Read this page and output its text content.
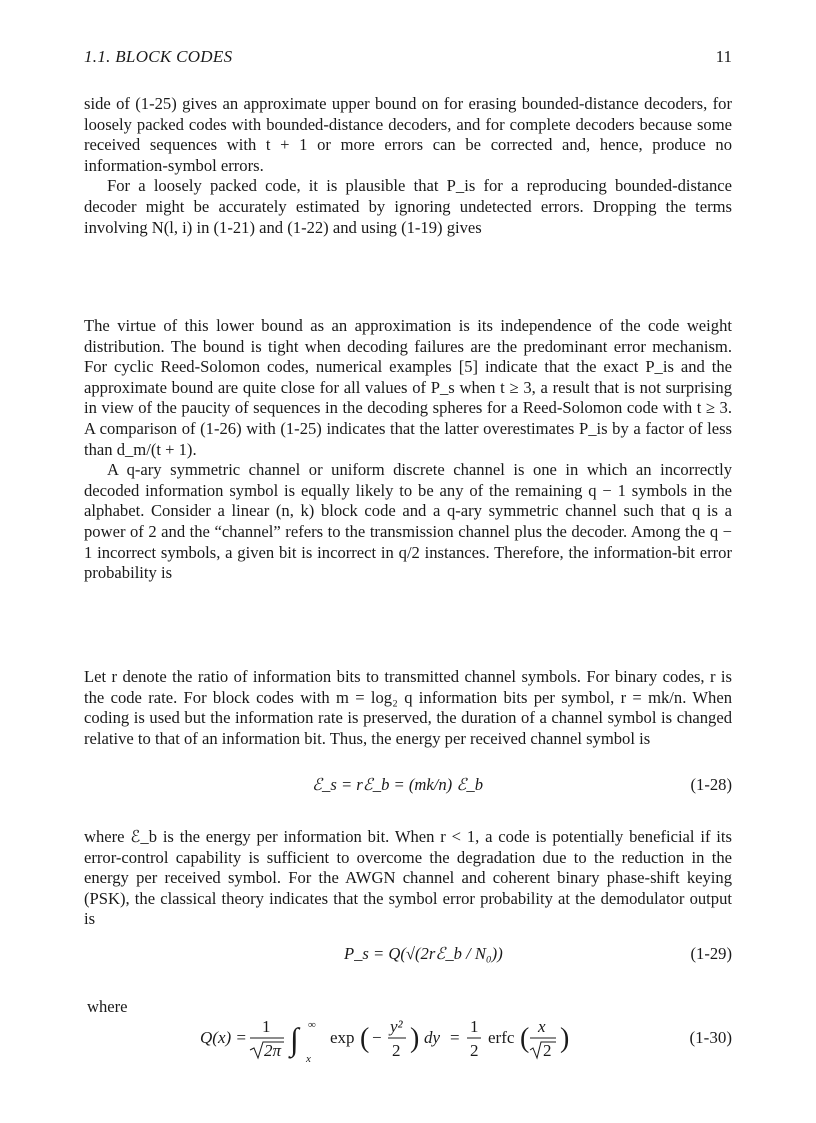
1.1. BLOCK CODES	11

side of (1-25) gives an approximate upper bound on for erasing bounded-distance decoders, for loosely packed codes with bounded-distance decoders, and for complete decoders because some received sequences with t + 1 or more errors can be corrected and, hence, produce no information-symbol errors.

For a loosely packed code, it is plausible that P_is for a reproducing bounded-distance decoder might be accurately estimated by ignoring undetected errors. Dropping the terms involving N(l, i) in (1-21) and (1-22) and using (1-19) gives

The virtue of this lower bound as an approximation is its independence of the code weight distribution. The bound is tight when decoding failures are the predominant error mechanism. For cyclic Reed-Solomon codes, numerical examples [5] indicate that the exact P_is and the approximate bound are quite close for all values of P_s when t ≥ 3, a result that is not surprising in view of the paucity of sequences in the decoding spheres for a Reed-Solomon code with t ≥ 3. A comparison of (1-26) with (1-25) indicates that the latter overestimates P_is by a factor of less than d_m/(t + 1).

A q-ary symmetric channel or uniform discrete channel is one in which an incorrectly decoded information symbol is equally likely to be any of the remaining q − 1 symbols in the alphabet. Consider a linear (n, k) block code and a q-ary symmetric channel such that q is a power of 2 and the “channel” refers to the transmission channel plus the decoder. Among the q − 1 incorrect symbols, a given bit is incorrect in q/2 instances. Therefore, the information-bit error probability is

Let r denote the ratio of information bits to transmitted channel symbols. For binary codes, r is the code rate. For block codes with m = log₂ q information bits per symbol, r = mk/n. When coding is used but the information rate is preserved, the duration of a channel symbol is changed relative to that of an information bit. Thus, the energy per received channel symbol is

ℰ_s = rℰ_b = (mk/n) ℰ_b	(1-28)

where ℰ_b is the energy per information bit. When r < 1, a code is potentially beneficial if its error-control capability is sufficient to overcome the degradation due to the reduction in the energy per received symbol. For the AWGN channel and coherent binary phase-shift keying (PSK), the classical theory indicates that the symbol error probability at the demodulator output is

P_s = Q(√(2rℰ_b / N₀))	(1-29)
where
Q(x) =
1
2π ∫ ∞
x
exp ( −
y²
2 ) dy =
1
2
erfc ( x
2 )	(1-30)
